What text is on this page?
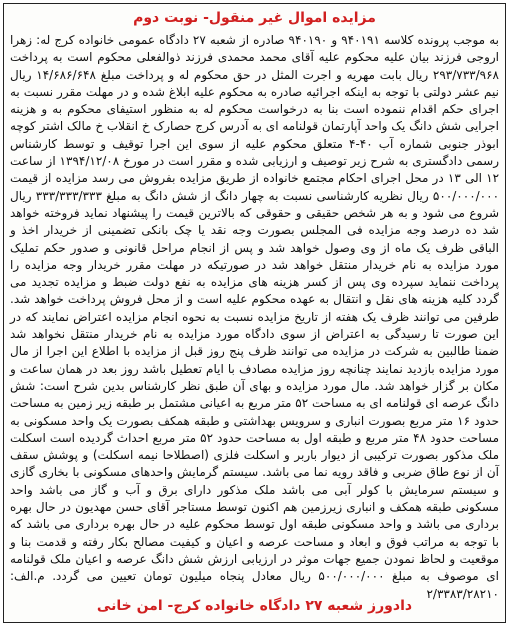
مزایده اموال غیر منقول- نوبت دوم

به موجب پرونده کلاسه ۹۴۰۱۹۱ و ۹۴۰۱۹۰ صادره از شعبه ۲۷ دادگاه عمومی خانواده کرج له: زهرا اروجی فرزند بیان علیه محکوم علیه آقای محمد محمدی فرزند ذوالفعلی محکوم است به پرداخت ۲۹۳/۷۳۳/۹۶۸ ریال بابت مهریه و اجرت المثل در حق محکوم له و پرداخت مبلغ ۱۴/۶۸۶/۶۴۸ ریال نیم عشر دولتی با توجه به اینکه اجرائیه صادره به محکوم علیه ابلاغ شده و در مهلت مقرر نسبت به اجرای حکم اقدام ننموده است بنا به درخواست محکوم له به منظور استیفای محکوم به و هزینه اجرایی شش دانگ یک واحد آپارتمان قولنامه ای به آدرس کرج حصارک خ انقلاب خ مالک اشتر کوچه ابوذر جنوبی شماره آب ۴۰-۴ متعلق محکوم علیه از سوی این اجرا توقیف و توسط کارشناس رسمی دادگستری به شرح زیر توصیف و ارزیابی شده و مقرر است در مورخ ۱۳۹۴/۱۲/۰۸ از ساعت ۱۲ الی ۱۳ در محل اجرای احکام مجتمع خانواده از طریق مزایده بفروش می رسد مزایده از قیمت ۵۰۰/۰۰۰/۰۰۰ ریال نظریه کارشناسی نسبت به چهار دانگ از شش دانگ به مبلغ ۳۳۳/۳۳۳/۳۳۳ ریال شروع می شود و به هر شخص حقیقی و حقوقی که بالاترین قیمت را پیشنهاد نماید فروخته خواهد شد ده درصد وجه مزایده فی المجلس بصورت وجه نقد یا چک بانکی تضمینی از خریدار اخذ و الباقی ظرف یک ماه از وی وصول خواهد شد و پس از انجام مراحل قانونی و صدور حکم تملیک مورد مزایده به نام خریدار منتقل خواهد شد در صورتیکه در مهلت مقرر خریدار وجه مزایده را پرداخت ننماید سپرده وی پس از کسر هزینه های مزایده به نفع دولت ضبط و مزایده تجدید می گردد کلیه هزینه های نقل و انتقال به عهده محکوم علیه است و از محل فروش پرداخت خواهد شد. طرفین می توانند ظرف یک هفته از تاریخ مزایده نسبت به نحوه انجام مزایده اعتراض نمایند که در این صورت تا رسیدگی به اعتراض از سوی دادگاه مورد مزایده به نام خریدار منتقل نخواهد شد ضمنا طالبین به شرکت در مزایده می توانند ظرف پنج روز قبل از مزایده با اطلاع این اجرا از مال مورد مزایده بازدید نمایند چنانچه روز مزایده مصادف با ایام تعطیل باشد روز بعد در همان ساعت و مکان بر گزار خواهد شد. مال مورد مزایده و بهای آن طبق نظر کارشناس بدین شرح است: شش دانگ عرصه ای قولنامه ای به مساحت ۵۲ متر مربع به اعیانی مشتمل بر طبقه زیر زمین به مساحت حدود ۱۶ متر مربع بصورت انباری و سرویس بهداشتی و طبقه همکف بصورت یک واحد مسکونی به مساحت حدود ۴۸ متر مربع و طبقه اول به مساحت حدود ۵۲ متر مربع احداث گردیده است اسکلت ملک مذکور بصورت ترکیبی از دیوار باربر و اسکلت فلزی (اصطلاحا نیمه اسکلت) و پوشش سقف آن از نوع طاق ضربی و فاقد رویه نما می باشد. سیستم گرمایش واحدهای مسکونی با بخاری گازی و سیستم سرمایش با کولر آبی می باشد ملک مذکور دارای برق و آب و گاز می باشد واحد مسکونی طبقه همکف و انباری زیرزمین هم اکنون توسط مستاجر آقای حسن مهدیون در حال بهره برداری می باشد و واحد مسکونی طبقه اول توسط محکوم علیه در حال بهره برداری می باشد که با توجه به مراتب فوق و ابعاد و مساحت عرصه و اعیان و کیفیت مصالح بکار رفته و قدمت بنا و موقعیت و لحاظ نمودن جمیع جهات موثر در ارزیابی ارزش شش دانگ عرصه و اعیان ملک قولنامه ای موصوف به مبلغ ۵۰۰/۰۰۰/۰۰۰ ریال معادل پنجاه میلیون تومان تعیین می گردد. م.الف: ۲/۳۳۸۳/۲۸۲۱۰

دادورز شعبه ۲۷ دادگاه خانواده کرج- امن خانی
